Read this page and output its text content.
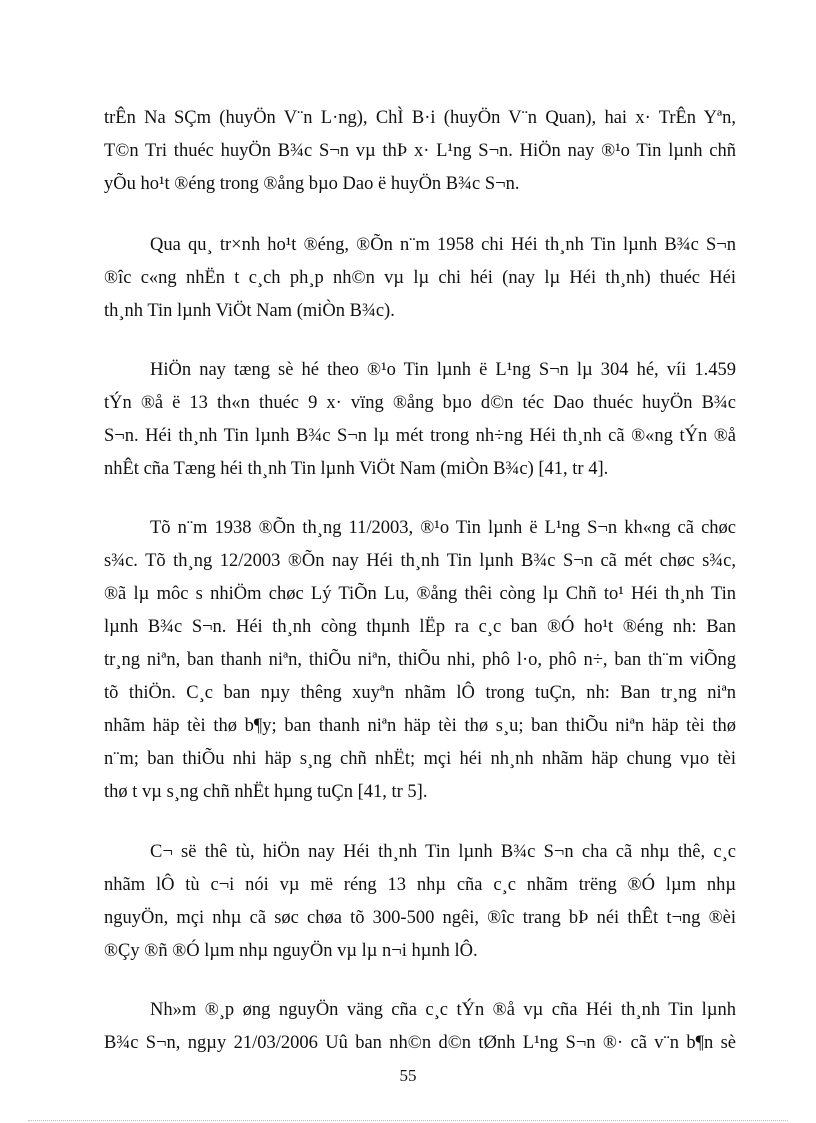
trÊn Na SÇm (huyÖn V¨n L·ng), ChÌ B·i (huyÖn V¨n Quan), hai x· TrÊn Yªn,
T©n Tri thuéc huyÖn B¾c S¬n vµ thÞ x· L¹ng S¬n. HiÖn nay ®¹o Tin lµnh chñ
yÕu ho¹t ®éng trong ®ång bµo Dao ë huyÖn B¾c S¬n.
Qua qu¸ tr×nh ho¹t ®éng, ®Õn n¨m 1958 chi Héi th¸nh Tin lµnh B¾c S¬n
®îc c«ng nhËn t c¸ch ph¸p nh©n vµ lµ chi héi (nay lµ Héi th¸nh) thuéc Héi
th¸nh Tin lµnh ViÖt Nam (miÒn B¾c).
HiÖn nay tæng sè hé theo ®¹o Tin lµnh ë L¹ng S¬n lµ 304 hé, víi 1.459
tÝn ®å ë 13 th«n thuéc 9 x· vïng ®ång bµo d©n téc Dao thuéc huyÖn B¾c
S¬n. Héi th¸nh Tin lµnh B¾c S¬n lµ mét trong nh÷ng Héi th¸nh cã ®«ng tÝn ®å
nhÊt cña Tæng héi th¸nh Tin lµnh ViÖt Nam (miÒn B¾c) [41, tr 4].
Tõ n¨m 1938 ®Õn th¸ng 11/2003, ®¹o Tin lµnh ë L¹ng S¬n kh«ng cã chøc
s¾c. Tõ th¸ng 12/2003 ®Õn nay Héi th¸nh Tin lµnh B¾c S¬n cã mét chøc s¾c,
®ã lµ môc s nhiÖm chøc Lý TiÕn Lu, ®ång thêi còng lµ Chñ to¹ Héi th¸nh Tin
lµnh B¾c S¬n. Héi th¸nh còng thµnh lËp ra c¸c ban ®Ó ho¹t ®éng nh: Ban
tr¸ng niªn, ban thanh niªn, thiÕu niªn, thiÕu nhi, phô l·o, phô n÷, ban th¨m viÕng
tõ thiÖn. C¸c ban nµy thêng xuyªn nhãm lÔ trong tuÇn, nh: Ban tr¸ng niªn
nhãm häp tèi thø b¶y; ban thanh niªn häp tèi thø s¸u; ban thiÕu niªn häp tèi thø
n¨m; ban thiÕu nhi häp s¸ng chñ nhËt; mçi héi nh¸nh nhãm häp chung vµo tèi
thø t vµ s¸ng chñ nhËt hµng tuÇn [41, tr 5].
C¬ së thê tù, hiÖn nay Héi th¸nh Tin lµnh B¾c S¬n cha cã nhµ thê, c¸c
nhãm lÔ tù c¬i nói vµ më réng 13 nhµ cña c¸c nhãm trëng ®Ó lµm nhµ
nguyÖn, mçi nhµ cã søc chøa tõ 300-500 ngêi, ®îc trang bÞ néi thÊt t¬ng ®èi
®Çy ®ñ ®Ó lµm nhµ nguyÖn vµ lµ n¬i hµnh lÔ.
Nh»m ®¸p øng nguyÖn väng cña c¸c tÝn ®å vµ cña Héi th¸nh Tin lµnh
B¾c S¬n, ngµy 21/03/2006 Uû ban nh©n d©n tØnh L¹ng S¬n ®· cã v¨n b¶n sè
55
